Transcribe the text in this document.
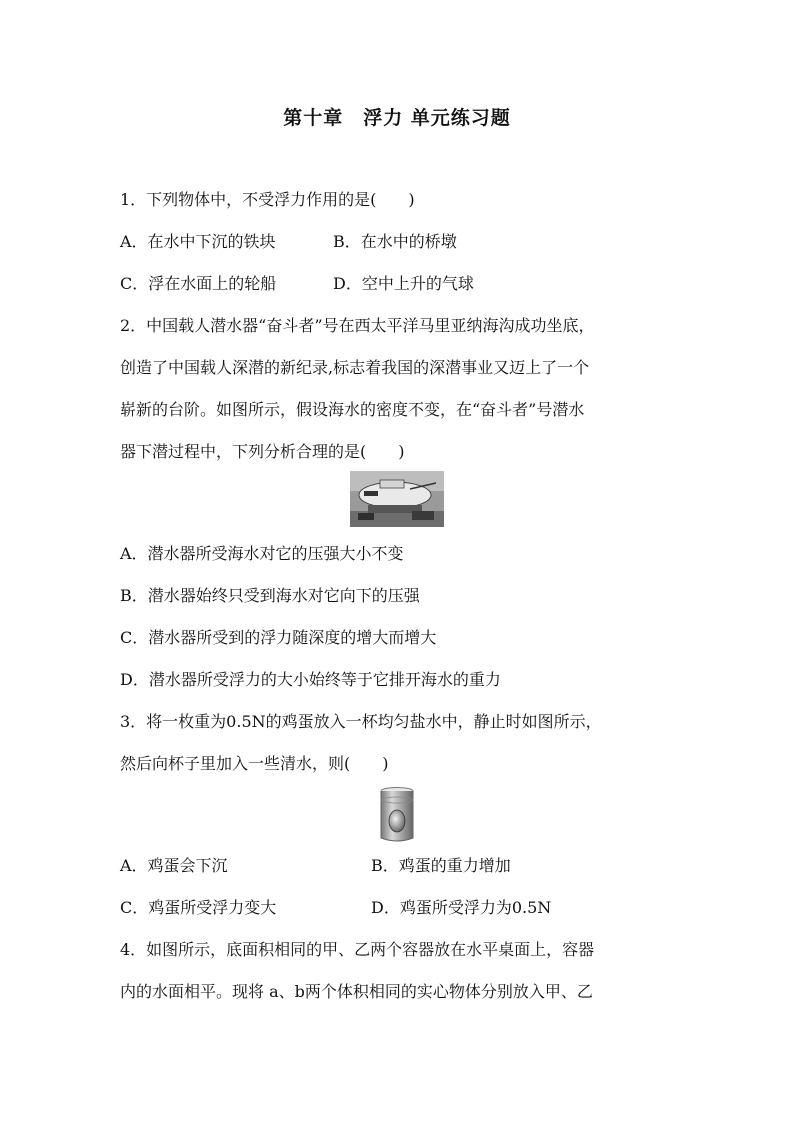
第十章　浮力 单元练习题
1．下列物体中，不受浮力作用的是(　　)
A．在水中下沉的铁块	B．在水中的桥墩
C．浮在水面上的轮船	D．空中上升的气球
2．中国载人潜水器“奋斗者”号在西太平洋马里亚纳海沟成功坐底，
创造了中国载人深潜的新纪录,标志着我国的深潜事业又迈上了一个
崭新的台阶。如图所示，假设海水的密度不变，在“奋斗者”号潜水
器下潜过程中，下列分析合理的是(　　)
A．潜水器所受海水对它的压强大小不变
B．潜水器始终只受到海水对它向下的压强
C．潜水器所受到的浮力随深度的增大而增大
D．潜水器所受浮力的大小始终等于它排开海水的重力
3．将一枚重为0.5N的鸡蛋放入一杯均匀盐水中，静止时如图所示，
然后向杯子里加入一些清水，则(　　)
A．鸡蛋会下沉	B．鸡蛋的重力增加
C．鸡蛋所受浮力变大	D．鸡蛋所受浮力为0.5N
4．如图所示，底面积相同的甲、乙两个容器放在水平桌面上，容器
内的水面相平。现将 a、b两个体积相同的实心物体分别放入甲、乙
